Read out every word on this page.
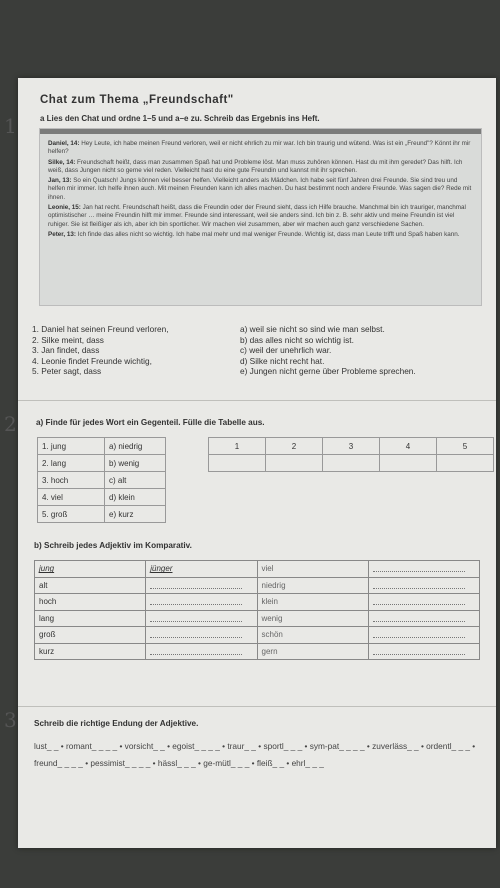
1
Chat zum Thema „Freundschaft"
a Lies den Chat und ordne 1–5 und a–e zu. Schreib das Ergebnis ins Heft.

Daniel, 14: Hey Leute, ich habe meinen Freund verloren, weil er nicht ehrlich zu mir war. Ich bin traurig und wütend. Was ist ein „Freund"? Könnt ihr mir helfen?

Silke, 14: Freundschaft heißt, dass man zusammen Spaß hat und Probleme löst. Man muss zuhören können. Hast du mit ihm geredet? Das hilft. Ich weiß, dass Jungen nicht so gerne viel reden. Vielleicht hast du eine gute Freundin und kannst mit ihr sprechen.

Jan, 13: So ein Quatsch! Jungs können viel besser helfen. Vielleicht anders als Mädchen. Ich habe seit fünf Jahren drei Freunde. Sie sind treu und helfen mir immer. Ich helfe ihnen auch. Mit meinen Freunden kann ich alles machen. Du hast bestimmt noch andere Freunde. Was sagen die? Rede mit ihnen.

Leonie, 15: Jan hat recht. Freundschaft heißt, dass die Freundin oder der Freund sieht, dass ich Hilfe brauche. Manchmal bin ich trauriger, manchmal optimistischer … meine Freundin hilft mir immer. Freunde sind interessant, weil sie anders sind. Ich bin z. B. sehr aktiv und meine Freundin ist viel ruhiger. Sie ist fleißiger als ich, aber ich bin sportlicher. Wir machen viel zusammen, aber wir machen auch ganz verschiedene Sachen.

Peter, 13: Ich finde das alles nicht so wichtig. Ich habe mal mehr und mal weniger Freunde. Wichtig ist, dass man Leute trifft und Spaß haben kann.

1. Daniel hat seinen Freund verloren,
2. Silke meint, dass
3. Jan findet, dass
4. Leonie findet Freunde wichtig,
5. Peter sagt, dass
a) weil sie nicht so sind wie man selbst.
b) das alles nicht so wichtig ist.
c) weil der unehrlich war.
d) Silke nicht recht hat.
e) Jungen nicht gerne über Probleme sprechen.
2 a) Finde für jedes Wort ein Gegenteil. Fülle die Tabelle aus.
1. jung	a) niedrig
2. lang	b) wenig
3. hoch	c) alt
4. viel	d) klein
5. groß	e) kurz
1	2	3	4	5

b) Schreib jedes Adjektiv im Komparativ.
jung	jünger	viel	
alt		niedrig	
hoch		klein	
lang		wenig	
groß		schön	
kurz		gern	
3 Schreib die richtige Endung der Adjektive.
lust_ _ • romant_ _ _ _ • vorsicht_ _ • egoist_ _ _ _ • traur_ _ • sportl_ _ _ • sym-pat_ _ _ _ • zuverläss_ _ • ordentl_ _ _ • freund_ _ _ _ • pessimist_ _ _ _ • hässl_ _ _ • ge-mütl_ _ _ • fleiß_ _ • ehrl_ _ _
